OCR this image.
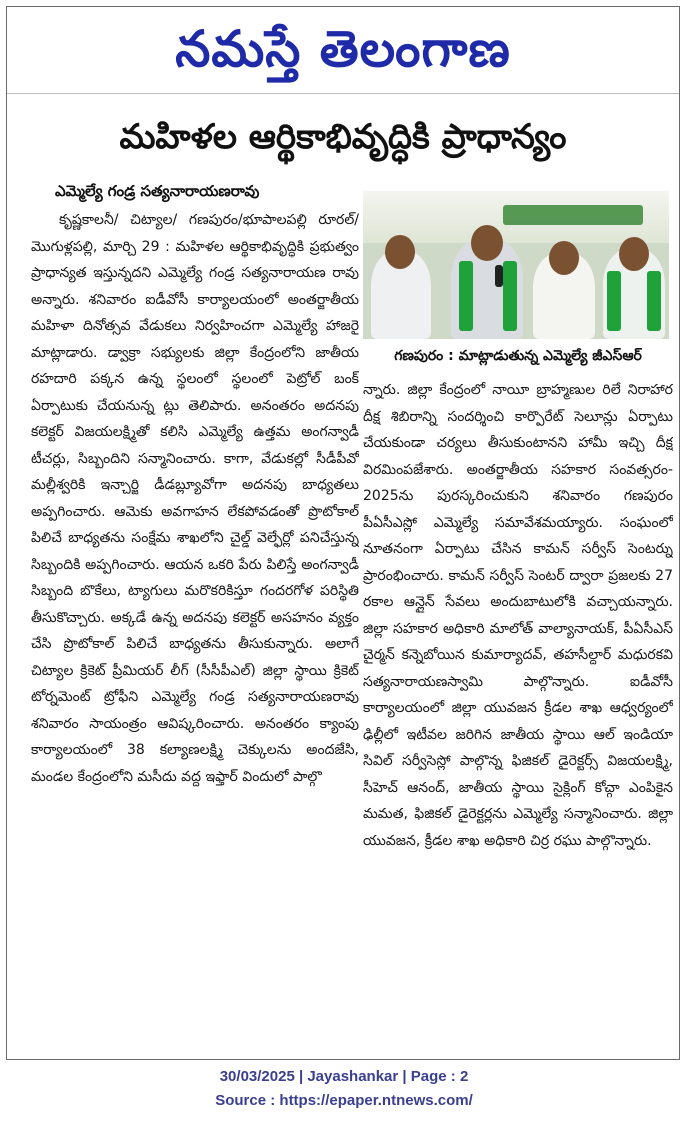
నమస్తే తెలంగాణ
మహిళల ఆర్థికాభివృద్ధికి ప్రాధాన్యం
ఎమ్మెల్యే గండ్ర సత్యనారాయణరావు

కృష్ణకాలనీ/ చిట్యాల/ గణపురం/భూపాలపల్లి రూరల్/ మొగుళ్లపల్లి, మార్చి 29 : మహిళల ఆర్థికాభివృద్ధికి ప్రభుత్వం ప్రాధాన్యత ఇస్తున్నదని ఎమ్మెల్యే గండ్ర సత్యనారాయణ రావు అన్నారు. శనివారం ఐడీవోసీ కార్యాలయంలో అంతర్జాతీయ మహిళా దినోత్సవ వేడుకలు నిర్వహించగా ఎమ్మెల్యే హాజరై మాట్లాడారు. డ్వాక్రా సభ్యులకు జిల్లా కేంద్రంలోని జాతీయ రహదారి పక్కన ఉన్న స్థలంలో స్థలంలో పెట్రోల్ బంక్ ఏర్పాటుకు చేయనున్న ట్లు తెలిపారు. అనంతరం అదనపు కలెక్టర్ విజయలక్ష్మితో కలిసి ఎమ్మెల్యే ఉత్తమ అంగన్వాడీ టీచర్లు, సిబ్బందిని సన్మానించారు. కాగా, వేడుకల్లో సీడీపీవో మల్లీశ్వరికి ఇన్చార్జి డీడబ్ల్యూవోగా అదనపు బాధ్యతలు అప్పగించారు. ఆమెకు అవగాహన లేకపోవడంతో ప్రొటోకాల్ పిలిచే బాధ్యతను సంక్షేమ శాఖలోని చైల్డ్ వెల్ఫేర్లో పనిచేస్తున్న సిబ్బందికి అప్పగించారు. ఆయన ఒకరి పేరు పిలిస్తే అంగన్వాడీ సిబ్బంది బొకేలు, ట్యాగులు మరొకరికిస్తూ గందరగోళ పరిస్థితి తీసుకొచ్చారు. అక్కడే ఉన్న అదనపు కలెక్టర్ అసహనం వ్యక్తం చేసి ప్రొటోకాల్ పిలిచే బాధ్యతను తీసుకున్నారు. అలాగే చిట్యాల క్రికెట్ ప్రీమియర్ లీగ్ (సీసీపీఎల్) జిల్లా స్థాయి క్రికెట్ టోర్నమెంట్ ట్రోఫీని ఎమ్మెల్యే గండ్ర సత్యనారాయణరావు శనివారం సాయంత్రం ఆవిష్కరించారు. అనంతరం క్యాంపు కార్యాలయంలో 38 కల్యాణలక్ష్మి చెక్కులను అందజేసి, మండల కేంద్రంలోని మసీదు వద్ద ఇఫ్తార్ విందులో పాల్గొ

గణపురం : మాట్లాడుతున్న ఎమ్మెల్యే జీఎస్ఆర్

న్నారు. జిల్లా కేంద్రంలో నాయీ బ్రాహ్మణుల రిలే నిరాహార దీక్ష శిబిరాన్ని సందర్శించి కార్పొరేట్ సెలూన్లు ఏర్పాటు చేయకుండా చర్యలు తీసుకుంటానని హామీ ఇచ్చి దీక్ష విరమింపజేశారు. అంతర్జాతీయ సహకార సంవత్సరం- 2025ను పురస్కరించుకుని శనివారం గణపురం పీఏసీఎస్లో ఎమ్మెల్యే సమావేశమయ్యారు. సంఘంలో నూతనంగా ఏర్పాటు చేసిన కామన్ సర్వీస్ సెంటర్ను ప్రారంభించారు. కామన్ సర్వీస్ సెంటర్ ద్వారా ప్రజలకు 27 రకాల ఆన్లైన్ సేవలు అందుబాటులోకి వచ్చాయన్నారు. జిల్లా సహకార అధికారి మాలోత్ వాల్యానాయక్, పీఏసీఎస్ చైర్మన్ కన్నెబోయిన కుమార్యాదవ్, తహసీల్దార్ మధురకవి సత్యనారాయణస్వామి పాల్గొన్నారు. ఐడీవోసీ కార్యాలయంలో జిల్లా యువజన క్రీడల శాఖ ఆధ్వర్యంలో ఢిల్లీలో ఇటీవల జరిగిన జాతీయ స్థాయి ఆల్ ఇండియా సివిల్ సర్వీసెస్లో పాల్గొన్న ఫిజికల్ డైరెక్టర్స్ విజయలక్ష్మి, సీహెచ్ ఆనంద్, జాతీయ స్థాయి సైక్లింగ్ కోచ్గా ఎంపికైన మమత, ఫిజికల్ డైరెక్టర్లను ఎమ్మెల్యే సన్మానించారు. జిల్లా యువజన, క్రీడల శాఖ అధికారి చిర్ర రఘు పాల్గొన్నారు.

30/03/2025 | Jayashankar | Page : 2
Source : https://epaper.ntnews.com/
